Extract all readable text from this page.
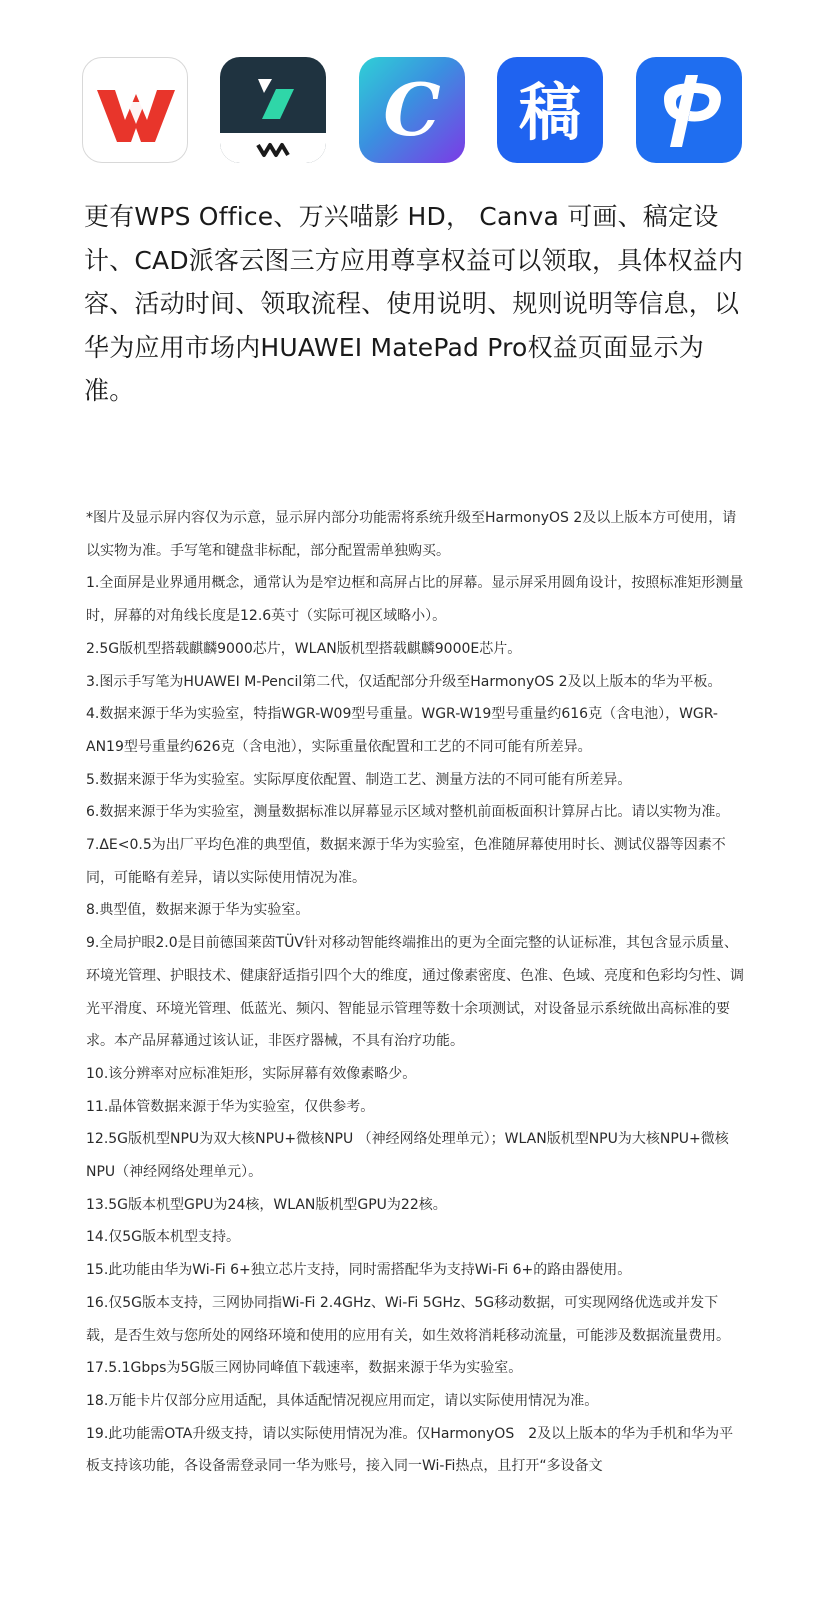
C 稿
更有WPS Office、万兴喵影 HD， Canva 可画、稿定设计、CAD派客云图三方应用尊享权益可以领取，具体权益内容、活动时间、领取流程、使用说明、规则说明等信息，以华为应用市场内HUAWEI MatePad Pro权益页面显示为准。

*图片及显示屏内容仅为示意，显示屏内部分功能需将系统升级至HarmonyOS 2及以上版本方可使用，请以实物为准。手写笔和键盘非标配，部分配置需单独购买。

1.全面屏是业界通用概念，通常认为是窄边框和高屏占比的屏幕。显示屏采用圆角设计，按照标准矩形测量时，屏幕的对角线长度是12.6英寸（实际可视区域略小）。

2.5G版机型搭载麒麟9000芯片，WLAN版机型搭载麒麟9000E芯片。

3.图示手写笔为HUAWEI M-Pencil第二代，仅适配部分升级至HarmonyOS 2及以上版本的华为平板。

4.数据来源于华为实验室，特指WGR-W09型号重量。WGR-W19型号重量约616克（含电池），WGR-AN19型号重量约626克（含电池），实际重量依配置和工艺的不同可能有所差异。

5.数据来源于华为实验室。实际厚度依配置、制造工艺、测量方法的不同可能有所差异。

6.数据来源于华为实验室，测量数据标准以屏幕显示区域对整机前面板面积计算屏占比。请以实物为准。

7.ΔE<0.5为出厂平均色准的典型值，数据来源于华为实验室，色准随屏幕使用时长、测试仪器等因素不同，可能略有差异，请以实际使用情况为准。

8.典型值，数据来源于华为实验室。

9.全局护眼2.0是目前德国莱茵TÜV针对移动智能终端推出的更为全面完整的认证标准，其包含显示质量、环境光管理、护眼技术、健康舒适指引四个大的维度，通过像素密度、色准、色域、亮度和色彩均匀性、调光平滑度、环境光管理、低蓝光、频闪、智能显示管理等数十余项测试，对设备显示系统做出高标准的要求。本产品屏幕通过该认证，非医疗器械，不具有治疗功能。

10.该分辨率对应标准矩形，实际屏幕有效像素略少。

11.晶体管数据来源于华为实验室，仅供参考。

12.5G版机型NPU为双大核NPU+微核NPU （神经网络处理单元）；WLAN版机型NPU为大核NPU+微核NPU（神经网络处理单元）。

13.5G版本机型GPU为24核，WLAN版机型GPU为22核。

14.仅5G版本机型支持。

15.此功能由华为Wi-Fi 6+独立芯片支持，同时需搭配华为支持Wi-Fi 6+的路由器使用。

16.仅5G版本支持，三网协同指Wi-Fi 2.4GHz、Wi-Fi 5GHz、5G移动数据，可实现网络优选或并发下载，是否生效与您所处的网络环境和使用的应用有关，如生效将消耗移动流量，可能涉及数据流量费用。

17.5.1Gbps为5G版三网协同峰值下载速率，数据来源于华为实验室。

18.万能卡片仅部分应用适配，具体适配情况视应用而定，请以实际使用情况为准。

19.此功能需OTA升级支持，请以实际使用情况为准。仅HarmonyOS　2及以上版本的华为手机和华为平板支持该功能，各设备需登录同一华为账号，接入同一Wi-Fi热点，且打开“多设备文
